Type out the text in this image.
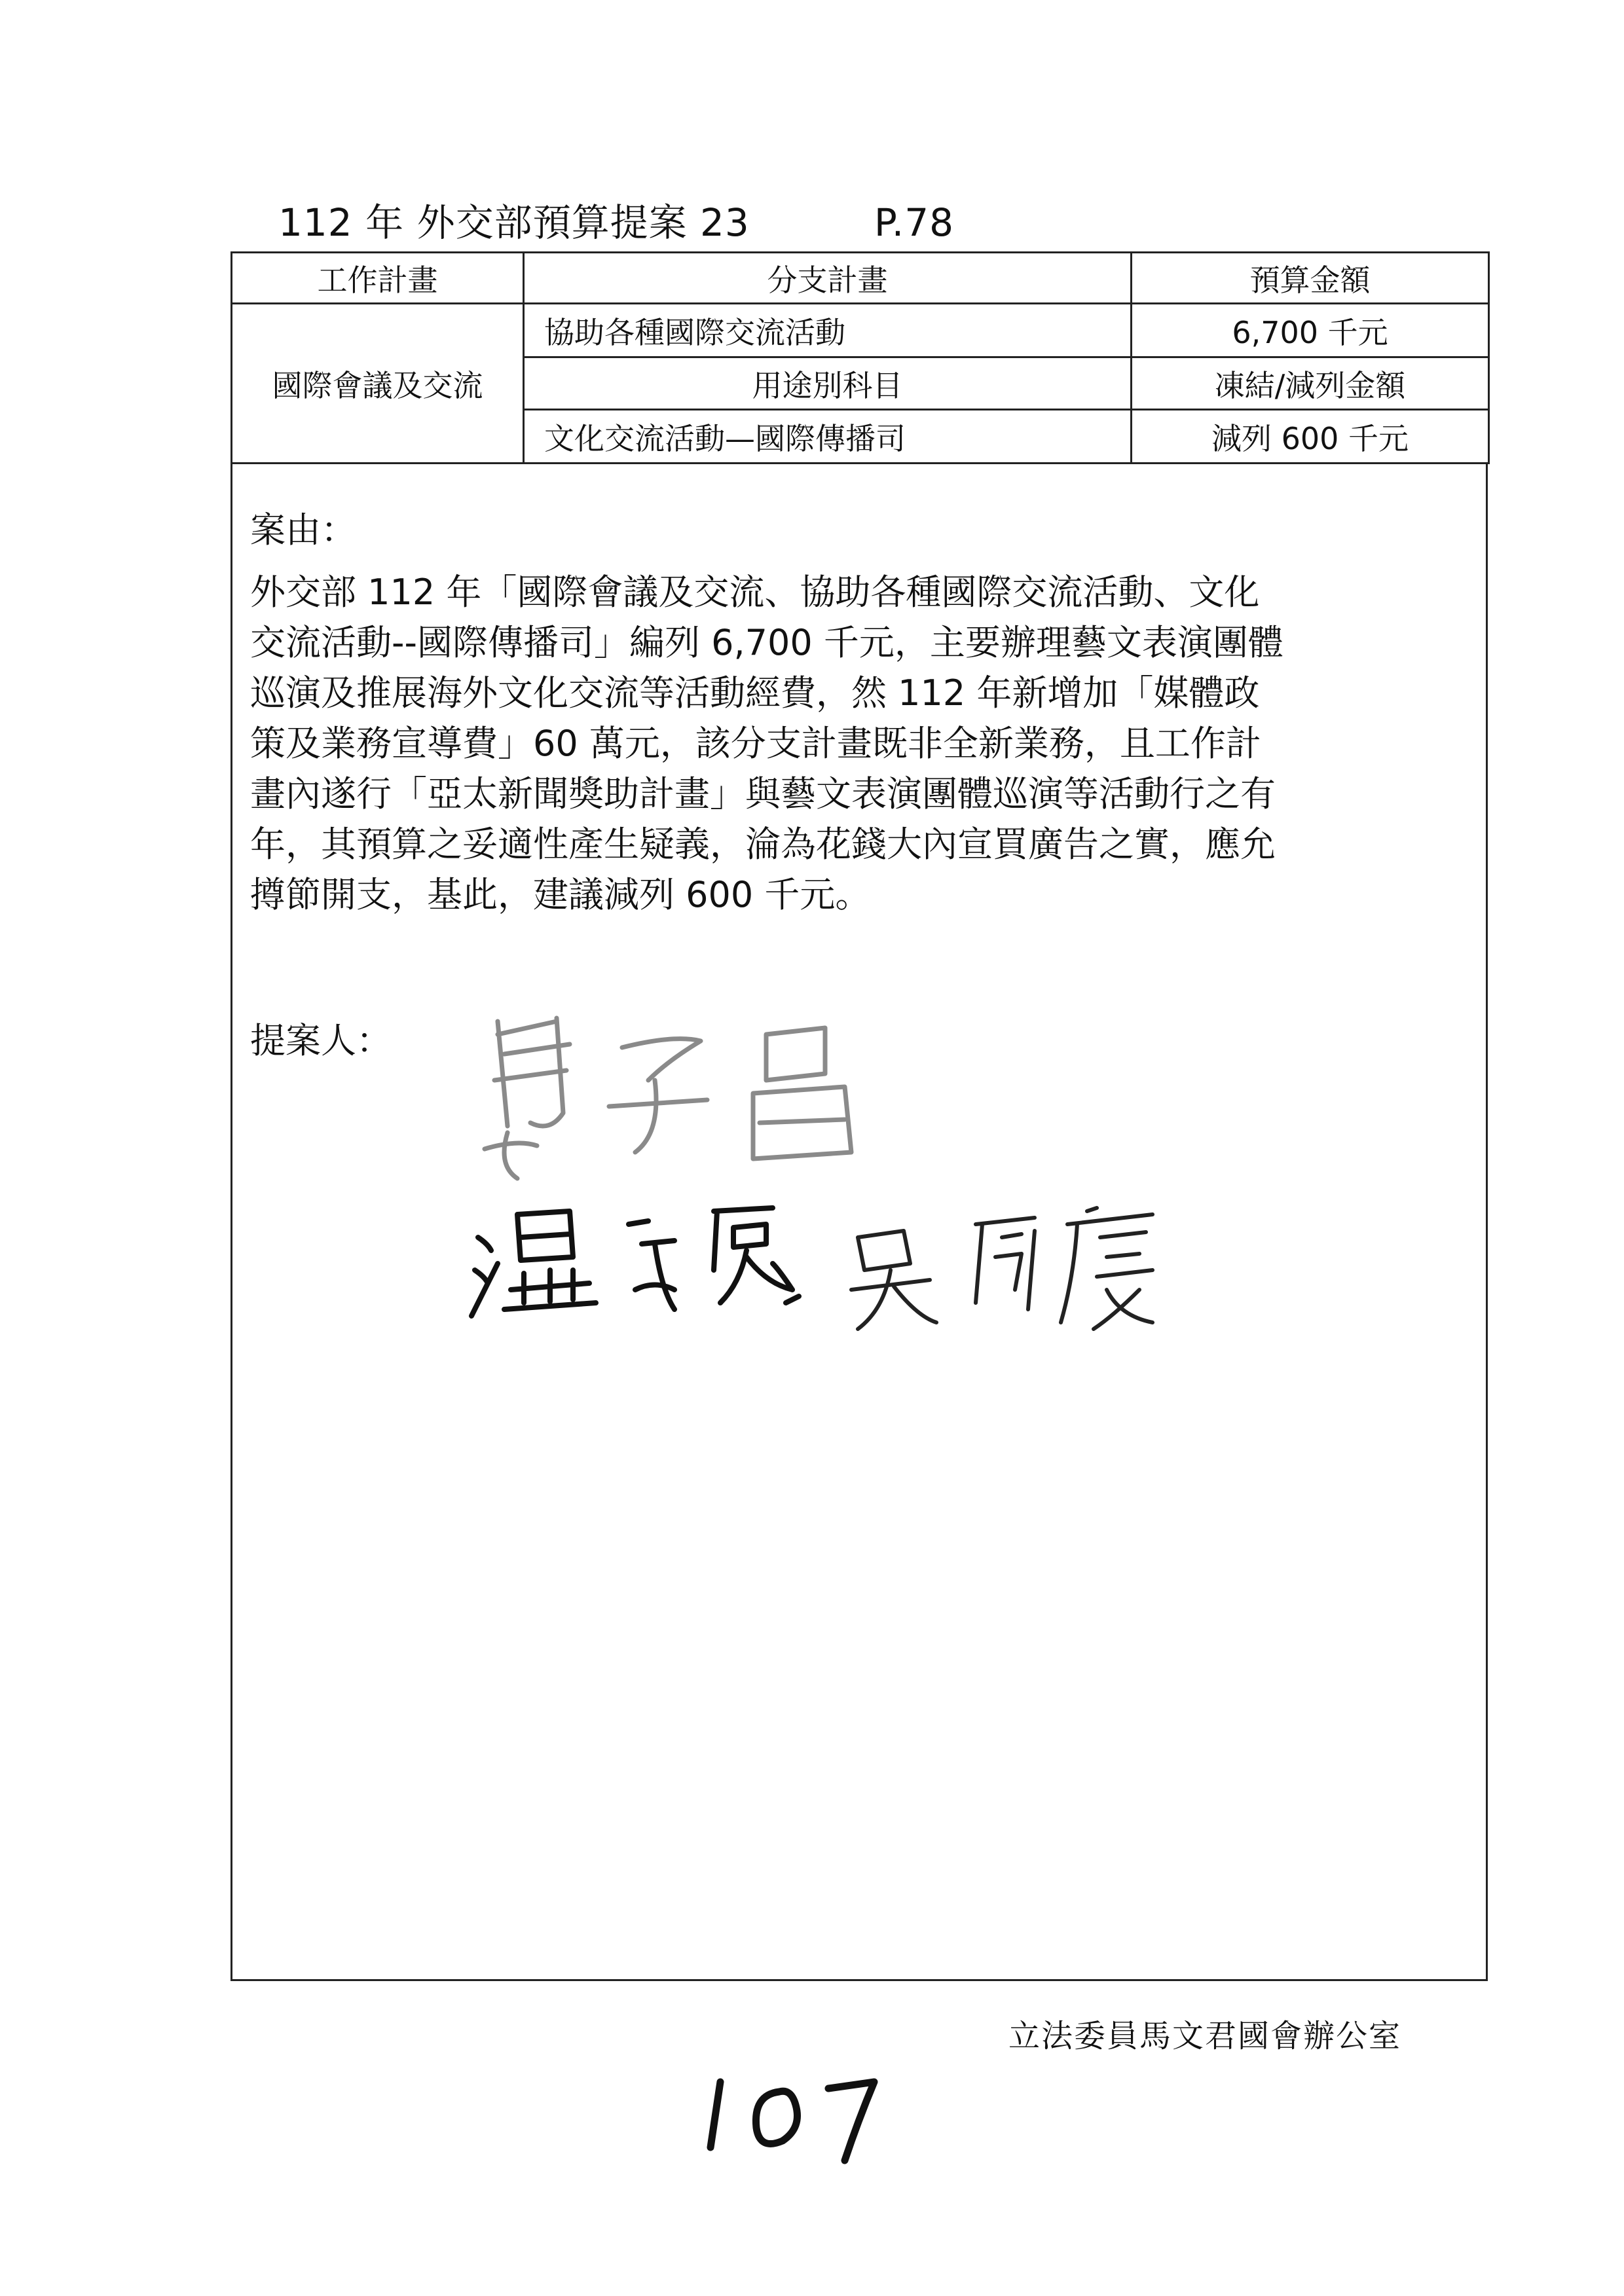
112 年 外交部預算提案 23	P.78
工作計畫	分支計畫	預算金額
國際會議及交流	協助各種國際交流活動	6,700 千元
	用途別科目	凍結/減列金額
	文化交流活動—國際傳播司	減列 600 千元
案由：
外交部 112 年「國際會議及交流、協助各種國際交流活動、文化
交流活動--國際傳播司」編列 6,700 千元，主要辦理藝文表演團體
巡演及推展海外文化交流等活動經費，然 112 年新增加「媒體政
策及業務宣導費」60 萬元，該分支計畫既非全新業務，且工作計
畫內遂行「亞太新聞獎助計畫」與藝文表演團體巡演等活動行之有
年，其預算之妥適性產生疑義，淪為花錢大內宣買廣告之實，應允
撙節開支，基此，建議減列 600 千元。
提案人：
立法委員馬文君國會辦公室
